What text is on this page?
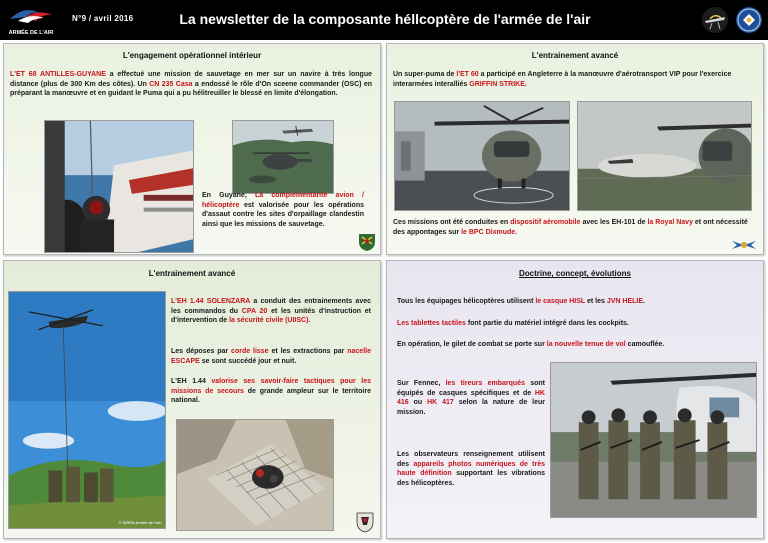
ARMÉE DE L'AIR
N°9 / avril 2016	La newsletter de la composante héllcoptère de l'armée de l'air
L'engagement opérationnel intérieur
L'ET 68 ANTILLES-GUYANE a effectué une mission de sauvetage en mer sur un navire à très longue distance (plus de 300 Km des côtes). Un CN 235 Casa a endossé le rôle d'On sceene commander (OSC) en préparant la manœuvre et en guidant le Puma qui a pu hélitreuiller le blessé en limite d'élongation.
En Guyane, La complémentarité avion / hélicoptère est valorisée pour les opérations d'assaut contre les sites d'orpaillage clandestin ainsi que les missions de sauvetage.
L'entrainement avancé
Un super-puma de l'ET 60 a participé en Angleterre à la manœuvre d'aérotransport VIP pour l'exercice interarmées interalliés GRIFFIN STRIKE.
Ces missions ont été conduites en dispositif aéromobile avec les EH-101 de la Royal Navy et ont nécessité des appontages sur le BPC Dixmude.
L'entrainement avancé
© SIRPA Armée de l'air
L'EH 1.44 SOLENZARA a conduit des entrainements avec les commandos du CPA 20 et les unités d'instruction et d'intervention de la sécurité civile (UIISC).
Les déposes par corde lisse et les extractions par nacelle ESCAPE se sont succédé jour et nuit.
L'EH 1.44 valorise ses savoir-faire tactiques pour les missions de secours de grande ampleur sur le territoire national.
Doctrine, concept, évolutions
Tous les équipages hélicoptères utilisent le casque HISL et les JVN HELIE.
Les tablettes tactiles font partie du matériel intégré dans les cockpits.
En opération, le gilet de combat se porte sur la nouvelle tenue de vol camouflée.
Sur Fennec, les tireurs embarqués sont équipés de casques spécifiques et de HK 416 ou HK 417 selon la nature de leur mission.
Les observateurs renseignement utilisent des appareils photos numériques de très haute définition supportant les vibrations des hélicoptères.
